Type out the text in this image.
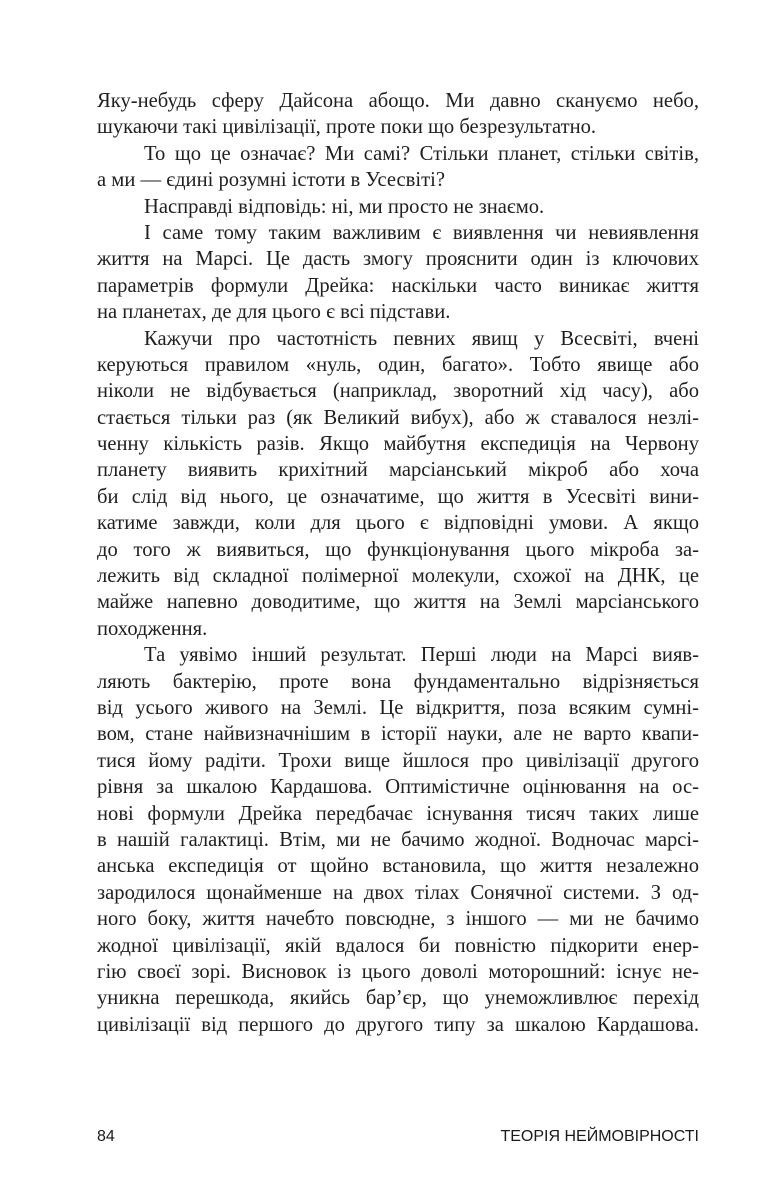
Яку-небудь сферу Дайсона абощо. Ми давно скануємо небо,
шукаючи такі цивілізації, проте поки що безрезультатно.
То що це означає? Ми самі? Стільки планет, стільки світів,
а ми — єдині розумні істоти в Усесвіті?
Насправді відповідь: ні, ми просто не знаємо.
І саме тому таким важливим є виявлення чи невиявлення
життя на Марсі. Це дасть змогу прояснити один із ключових
параметрів формули Дрейка: наскільки часто виникає життя
на планетах, де для цього є всі підстави.
Кажучи про частотність певних явищ у Всесвіті, вчені
керуються правилом «нуль, один, багато». Тобто явище або
ніколи не відбувається (наприклад, зворотний хід часу), або
стається тільки раз (як Великий вибух), або ж ставалося незлі-
ченну кількість разів. Якщо майбутня експедиція на Червону
планету виявить крихітний марсіанський мікроб або хоча
би слід від нього, це означатиме, що життя в Усесвіті вини-
катиме завжди, коли для цього є відповідні умови. А якщо
до того ж виявиться, що функціонування цього мікроба за-
лежить від складної полімерної молекули, схожої на ДНК, це
майже напевно доводитиме, що життя на Землі марсіанського
походження.
Та уявімо інший результат. Перші люди на Марсі вияв-
ляють бактерію, проте вона фундаментально відрізняється
від усього живого на Землі. Це відкриття, поза всяким сумні-
вом, стане найвизначнішим в історії науки, але не варто квапи-
тися йому радіти. Трохи вище йшлося про цивілізації другого
рівня за шкалою Кардашова. Оптимістичне оцінювання на ос-
нові формули Дрейка передбачає існування тисяч таких лише
в нашій галактиці. Втім, ми не бачимо жодної. Водночас марсі-
анська експедиція от щойно встановила, що життя незалежно
зародилося щонайменше на двох тілах Сонячної системи. З од-
ного боку, життя начебто повсюдне, з іншого — ми не бачимо
жодної цивілізації, якій вдалося би повністю підкорити енер-
гію своєї зорі. Висновок із цього доволі моторошний: існує не-
уникна перешкода, якийсь бар’єр, що унеможливлює перехід
цивілізації від першого до другого типу за шкалою Кардашова.
84	ТЕОРІЯ НЕЙМОВІРНОСТІ
